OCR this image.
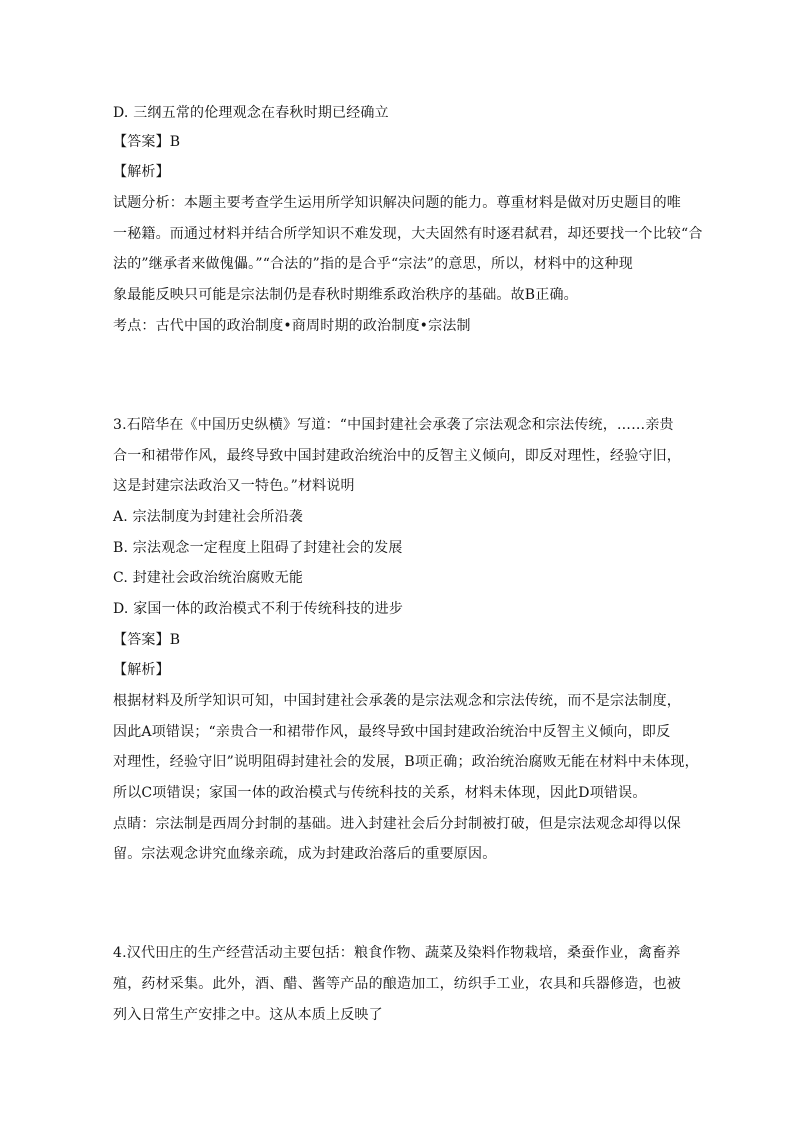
D. 三纲五常的伦理观念在春秋时期已经确立
【答案】B
【解析】
试题分析：本题主要考查学生运用所学知识解决问题的能力。尊重材料是做对历史题目的唯
一秘籍。而通过材料并结合所学知识不难发现，大夫固然有时逐君弑君，却还要找一个比较“合
法的”继承者来做傀儡。”“合法的”指的是合乎“宗法”的意思，所以，材料中的这种现
象最能反映只可能是宗法制仍是春秋时期维系政治秩序的基础。故B正确。
考点：古代中国的政治制度•商周时期的政治制度•宗法制
3.石陪华在《中国历史纵横》写道：“中国封建社会承袭了宗法观念和宗法传统，……亲贵
合一和裙带作风，最终导致中国封建政治统治中的反智主义倾向，即反对理性，经验守旧，
这是封建宗法政治又一特色。”材料说明
A. 宗法制度为封建社会所沿袭
B. 宗法观念一定程度上阻碍了封建社会的发展
C. 封建社会政治统治腐败无能
D. 家国一体的政治模式不利于传统科技的进步
【答案】B
【解析】
根据材料及所学知识可知，中国封建社会承袭的是宗法观念和宗法传统，而不是宗法制度，
因此A项错误；“亲贵合一和裙带作风，最终导致中国封建政治统治中反智主义倾向，即反
对理性，经验守旧”说明阻碍封建社会的发展，B项正确；政治统治腐败无能在材料中未体现，
所以C项错误；家国一体的政治模式与传统科技的关系，材料未体现，因此D项错误。
点睛：宗法制是西周分封制的基础。进入封建社会后分封制被打破，但是宗法观念却得以保
留。宗法观念讲究血缘亲疏，成为封建政治落后的重要原因。
4.汉代田庄的生产经营活动主要包括：粮食作物、蔬菜及染料作物栽培，桑蚕作业，禽畜养
殖，药材采集。此外，酒、醋、酱等产品的酿造加工，纺织手工业，农具和兵器修造，也被
列入日常生产安排之中。这从本质上反映了
